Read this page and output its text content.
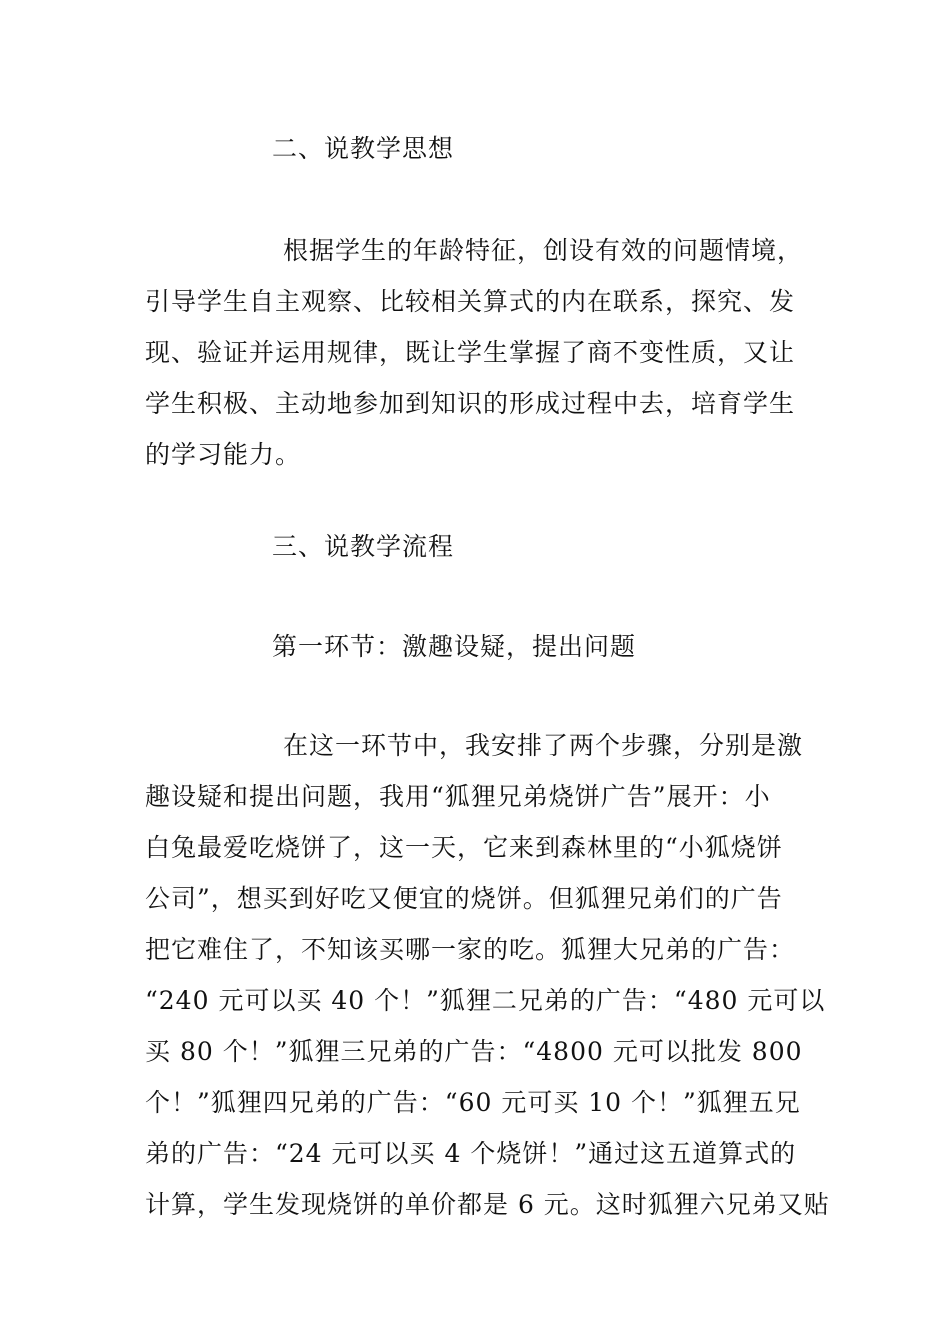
二、说教学思想
根据学生的年龄特征，创设有效的问题情境，
引导学生自主观察、比较相关算式的内在联系，探究、发
现、验证并运用规律，既让学生掌握了商不变性质，又让
学生积极、主动地参加到知识的形成过程中去，培育学生
的学习能力。
三、说教学流程
第一环节：激趣设疑，提出问题
在这一环节中，我安排了两个步骤，分别是激
趣设疑和提出问题，我用“狐狸兄弟烧饼广告”展开：小
白兔最爱吃烧饼了，这一天，它来到森林里的“小狐烧饼
公司”，想买到好吃又便宜的烧饼。但狐狸兄弟们的广告
把它难住了，不知该买哪一家的吃。狐狸大兄弟的广告：
“240 元可以买 40 个！”狐狸二兄弟的广告：“480 元可以
买 80 个！”狐狸三兄弟的广告：“4800 元可以批发 800
个！”狐狸四兄弟的广告：“60 元可买 10 个！”狐狸五兄
弟的广告：“24 元可以买 4 个烧饼！”通过这五道算式的
计算，学生发现烧饼的单价都是 6 元。这时狐狸六兄弟又贴
